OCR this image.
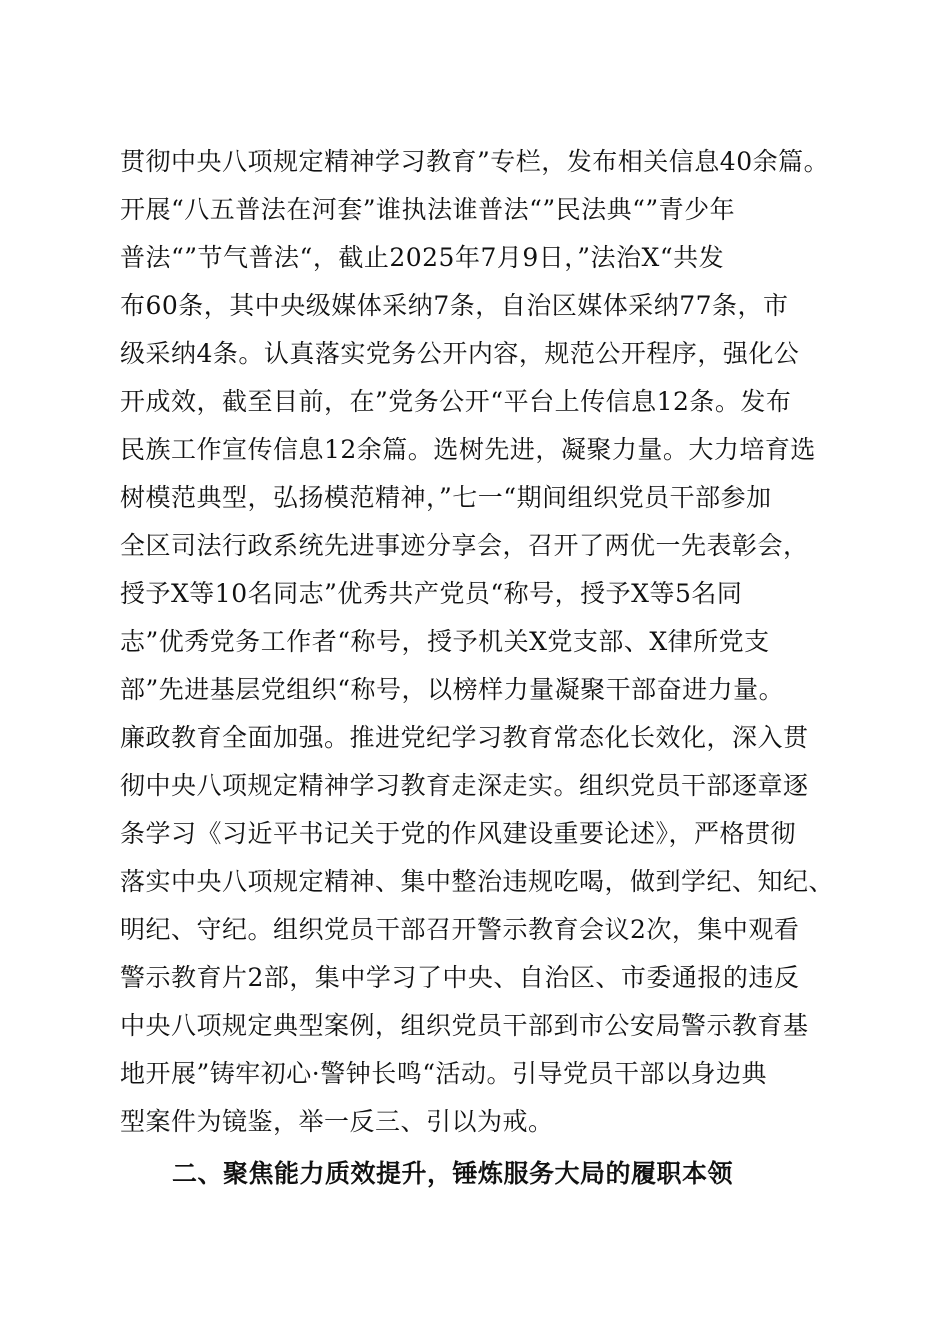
贯彻中央八项规定精神学习教育”专栏，发布相关信息40余篇。
开展“八五普法在河套”谁执法谁普法“”民法典“”青少年
普法“”节气普法“，截止2025年7月9日，”法治X“共发
布60条，其中央级媒体采纳7条，自治区媒体采纳77条，市
级采纳4条。认真落实党务公开内容，规范公开程序，强化公
开成效，截至目前，在”党务公开“平台上传信息12条。发布
民族工作宣传信息12余篇。选树先进，凝聚力量。大力培育选
树模范典型，弘扬模范精神，”七一“期间组织党员干部参加
全区司法行政系统先进事迹分享会，召开了两优一先表彰会，
授予X等10名同志”优秀共产党员“称号，授予X等5名同
志”优秀党务工作者“称号，授予机关X党支部、X律所党支
部”先进基层党组织“称号，以榜样力量凝聚干部奋进力量。
廉政教育全面加强。推进党纪学习教育常态化长效化，深入贯
彻中央八项规定精神学习教育走深走实。组织党员干部逐章逐
条学习《习近平书记关于党的作风建设重要论述》，严格贯彻
落实中央八项规定精神、集中整治违规吃喝，做到学纪、知纪、
明纪、守纪。组织党员干部召开警示教育会议2次，集中观看
警示教育片2部，集中学习了中央、自治区、市委通报的违反
中央八项规定典型案例，组织党员干部到市公安局警示教育基
地开展”铸牢初心·警钟长鸣“活动。引导党员干部以身边典
型案件为镜鉴，举一反三、引以为戒。
二、聚焦能力质效提升，锤炼服务大局的履职本领
